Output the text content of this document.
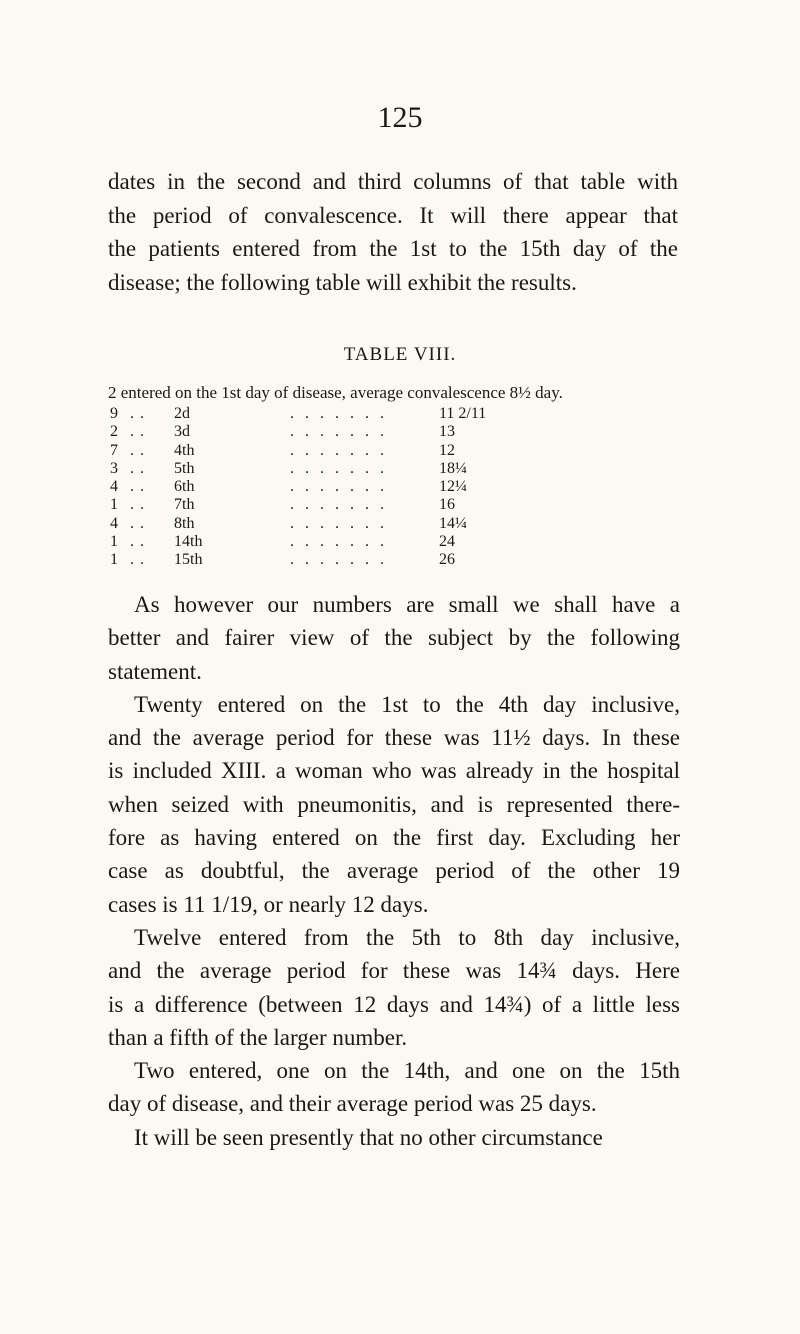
125
dates in the second and third columns of that table with
the period of convalescence. It will there appear that
the patients entered from the 1st to the 15th day of the
disease; the following table will exhibit the results.
TABLE VIII.
2 entered on the 1st day of disease, average convalescence 8½ day.
9 .. 2d	.......	11 2/11
2 .. 3d	.......	13
7 .. 4th	.......	12
3 .. 5th	.......	18¼
4 .. 6th	.......	12¼
1 .. 7th	.......	16
4 .. 8th	.......	14¼
1 .. 14th	.......	24
1 .. 15th	.......	26
As however our numbers are small we shall have a
better and fairer view of the subject by the following
statement.
Twenty entered on the 1st to the 4th day inclusive,
and the average period for these was 11½ days. In these
is included XIII. a woman who was already in the hospital
when seized with pneumonitis, and is represented there-
fore as having entered on the first day. Excluding her
case as doubtful, the average period of the other 19
cases is 11 1/19, or nearly 12 days.
Twelve entered from the 5th to 8th day inclusive,
and the average period for these was 14¾ days. Here
is a difference (between 12 days and 14¾) of a little less
than a fifth of the larger number.
Two entered, one on the 14th, and one on the 15th
day of disease, and their average period was 25 days.
It will be seen presently that no other circumstance
